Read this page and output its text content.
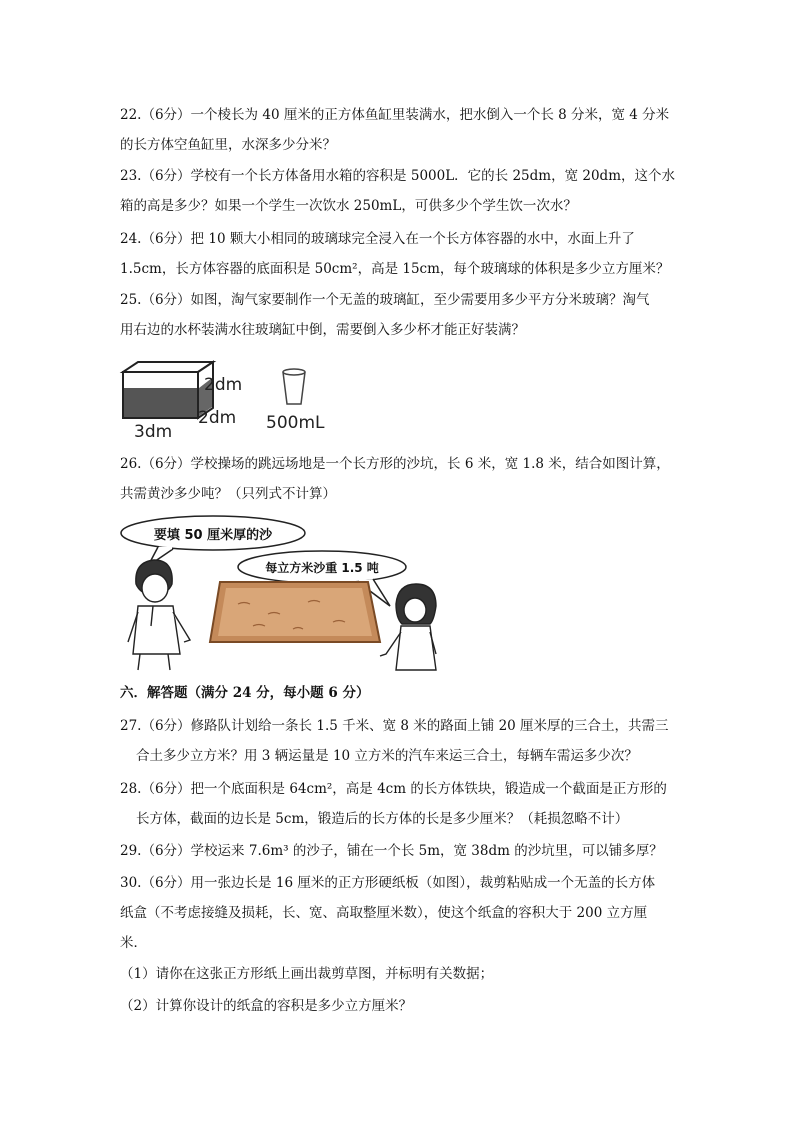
22.（6分）一个棱长为 40 厘米的正方体鱼缸里装满水，把水倒入一个长 8 分米，宽 4 分米
的长方体空鱼缸里，水深多少分米？
23.（6分）学校有一个长方体备用水箱的容积是 5000L．它的长 25dm，宽 20dm，这个水
箱的高是多少？如果一个学生一次饮水 250mL，可供多少个学生饮一次水？
24.（6分）把 10 颗大小相同的玻璃球完全浸入在一个长方体容器的水中，水面上升了
1.5cm，长方体容器的底面积是 50cm²，高是 15cm，每个玻璃球的体积是多少立方厘米？
25.（6分）如图，淘气家要制作一个无盖的玻璃缸，至少需要用多少平方分米玻璃？淘气
用右边的水杯装满水往玻璃缸中倒，需要倒入多少杯才能正好装满？
2dm
2dm
3dm	500mL
26.（6分）学校操场的跳远场地是一个长方形的沙坑，长 6 米，宽 1.8 米，结合如图计算，
共需黄沙多少吨？（只列式不计算）
要填 50 厘米厚的沙
每立方米沙重 1.5 吨
六．解答题（满分 24 分，每小题 6 分）
27.（6分）修路队计划给一条长 1.5 千米、宽 8 米的路面上铺 20 厘米厚的三合土，共需三
合土多少立方米？用 3 辆运量是 10 立方米的汽车来运三合土，每辆车需运多少次？
28.（6分）把一个底面积是 64cm²，高是 4cm 的长方体铁块，锻造成一个截面是正方形的
长方体，截面的边长是 5cm，锻造后的长方体的长是多少厘米？（耗损忽略不计）
29.（6分）学校运来 7.6m³ 的沙子，铺在一个长 5m，宽 38dm 的沙坑里，可以铺多厚？
30.（6分）用一张边长是 16 厘米的正方形硬纸板（如图），裁剪粘贴成一个无盖的长方体
纸盒（不考虑接缝及损耗，长、宽、高取整厘米数），使这个纸盒的容积大于 200 立方厘
米．
（1）请你在这张正方形纸上画出裁剪草图，并标明有关数据；
（2）计算你设计的纸盒的容积是多少立方厘米？
